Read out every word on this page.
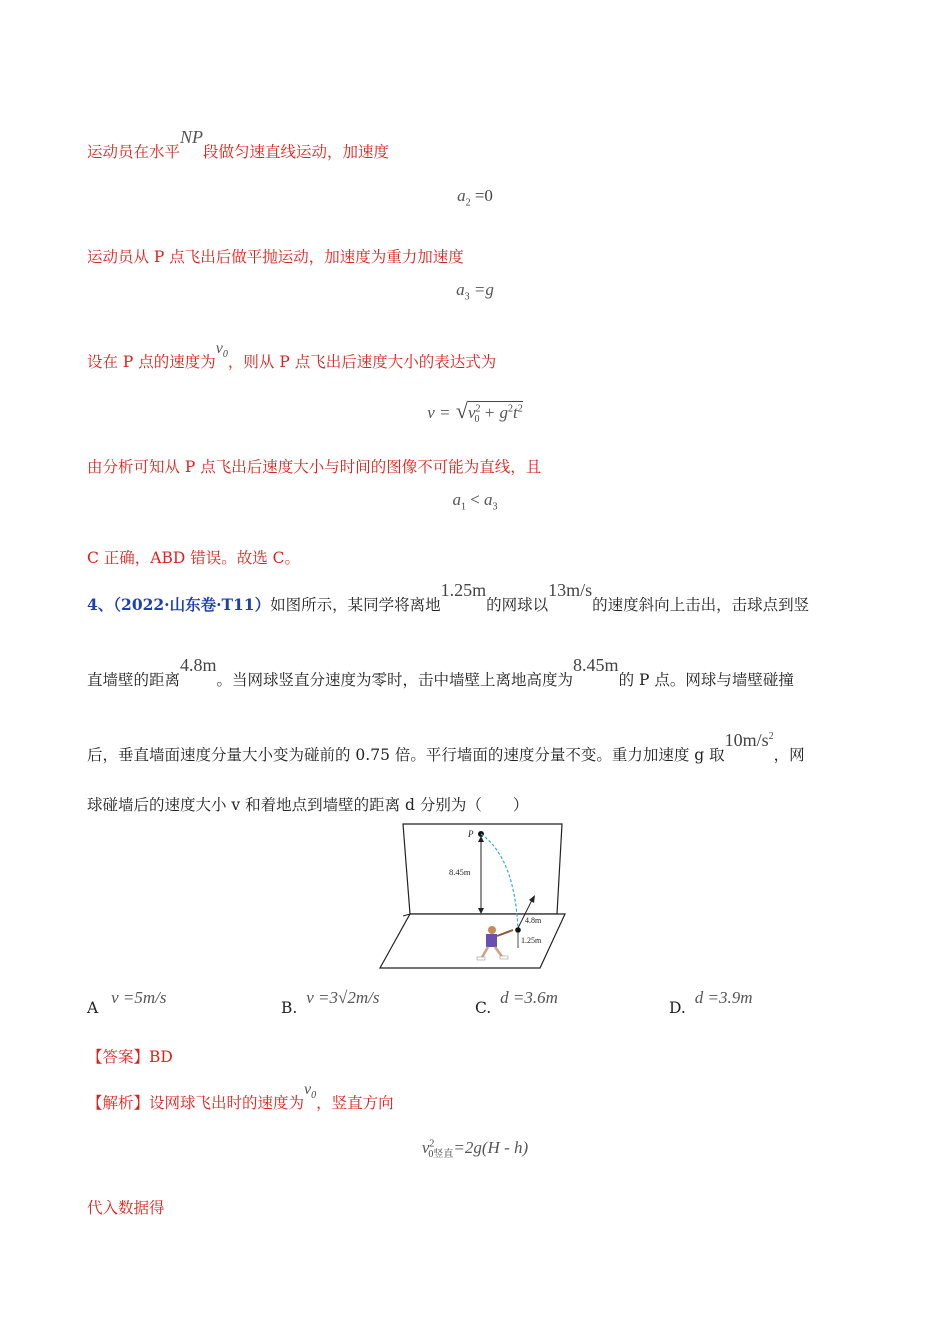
运动员在水平NP段做匀速直线运动，加速度
$a_2 =0$
运动员从 P 点飞出后做平抛运动，加速度为重力加速度
$a_3 =g$
设在 P 点的速度为$v_0$，则从 P 点飞出后速度大小的表达式为
$v = √v^2_0 + g^2t^2$
由分析可知从 P 点飞出后速度大小与时间的图像不可能为直线，且
$a_1 < a_3$
C 正确，ABD 错误。故选 C。
4、（2022·山东卷·T11）如图所示，某同学将离地1.25m的网球以13m/s的速度斜向上击出，击球点到竖
直墙壁的距离4.8m。当网球竖直分速度为零时，击中墙壁上离地高度为8.45m的 P 点。网球与墙壁碰撞
后，垂直墙面速度分量大小变为碰前的 0.75 倍。平行墙面的速度分量不变。重力加速度 g 取$10m/s^2$，网
球碰墙后的速度大小 v 和着地点到墙壁的距离 d 分别为（　　）
P
8.45m
4.8m
1.25m
A v =5m/s
B. v =3√2m/s
C. d =3.6m
D. d =3.9m
【答案】BD
【解析】设网球飞出时的速度为$v_0$，竖直方向
$v^2_{0竖直}=2g(H - h)$
代入数据得
